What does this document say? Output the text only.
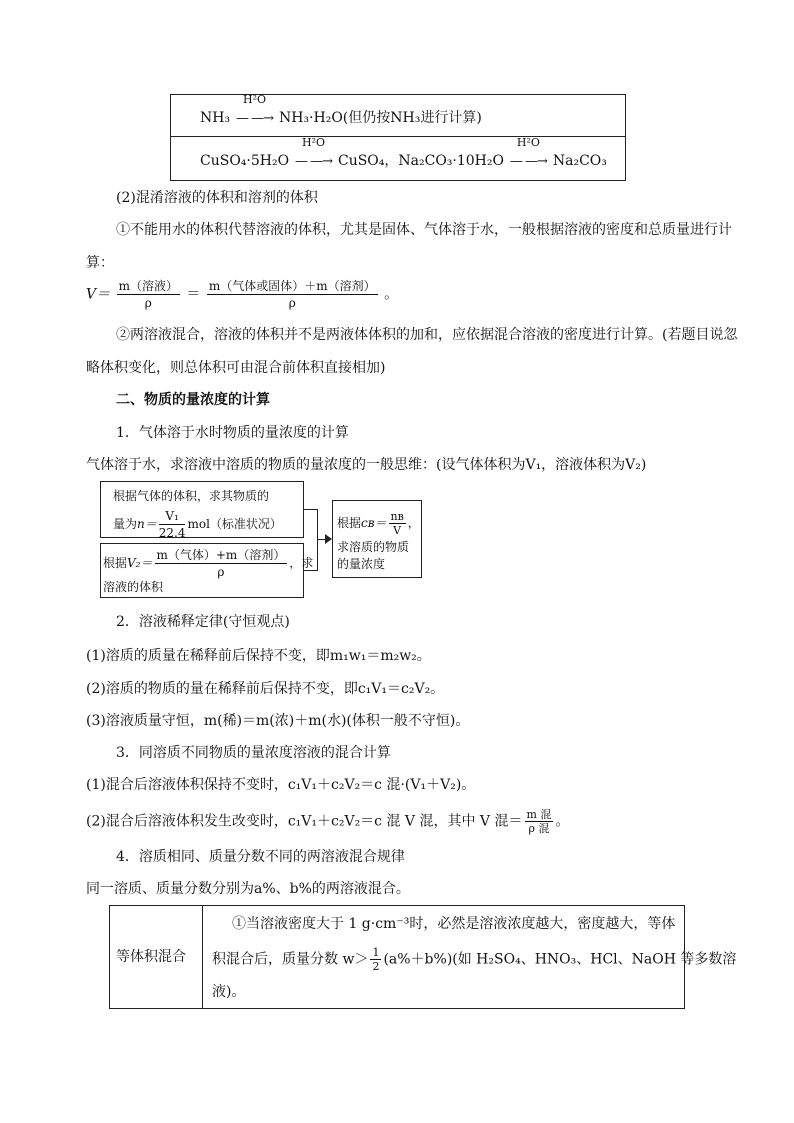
NH₃
H²O
— —→ NH₃·H₂O(但仍按NH₃进行计算)
CuSO₄·5H₂O
H²O
— —→ CuSO₄，Na₂CO₃·10H₂O
H²O
— —→ Na₂CO₃
(2)混淆溶液的体积和溶剂的体积
①不能用水的体积代替溶液的体积，尤其是固体、气体溶于水，一般根据溶液的密度和总质量进行计
算：
$V= \frac{\text{m（溶液）}}{\rho} = \frac{\text{m（气体或固体）＋m（溶剂）}}{\rho}$ 。
②两溶液混合，溶液的体积并不是两液体体积的加和，应依据混合溶液的密度进行计算。(若题目说忽
略体积变化，则总体积可由混合前体积直接相加)
二、物质的量浓度的计算
1．气体溶于水时物质的量浓度的计算
气体溶于水，求溶液中溶质的物质的量浓度的一般思维：(设气体体积为V₁，溶液体积为V₂)
根据气体的体积，求其物质的
量为$n= \frac{\text{V₁}}{22.4} mol$（标准状况）
根据$V_2= \frac{\text{m（气体）+m（溶剂）}}{\rho}$ ，求
溶液的体积
根据cʙ＝ $\frac{\text{nʙ}}{V}$ ，
求溶质的物质
的量浓度
2．溶液稀释定律(守恒观点)
(1)溶质的质量在稀释前后保持不变，即m₁w₁＝m₂w₂。
(2)溶质的物质的量在稀释前后保持不变，即c₁V₁＝c₂V₂。
(3)溶液质量守恒，m(稀)＝m(浓)＋m(水)(体积一般不守恒)。
3．同溶质不同物质的量浓度溶液的混合计算
(1)混合后溶液体积保持不变时，c₁V₁＋c₂V₂＝c 混·(V₁＋V₂)。
(2)混合后溶液体积发生改变时，c₁V₁＋c₂V₂＝c 混 V 混，其中 V 混＝ $\frac{\text{m 混}}{\text{ρ 混}}$ 。
4．溶质相同、质量分数不同的两溶液混合规律
同一溶质、质量分数分别为a%、b%的两溶液混合。
等体积混合
①当溶液密度大于 1 g·cm⁻³时，必然是溶液浓度越大，密度越大，等体
积混合后，质量分数 $w> \frac{1}{2} (a\%+b\%)$(如 H₂SO₄、HNO₃、HCl、NaOH 等多数溶
液)。
